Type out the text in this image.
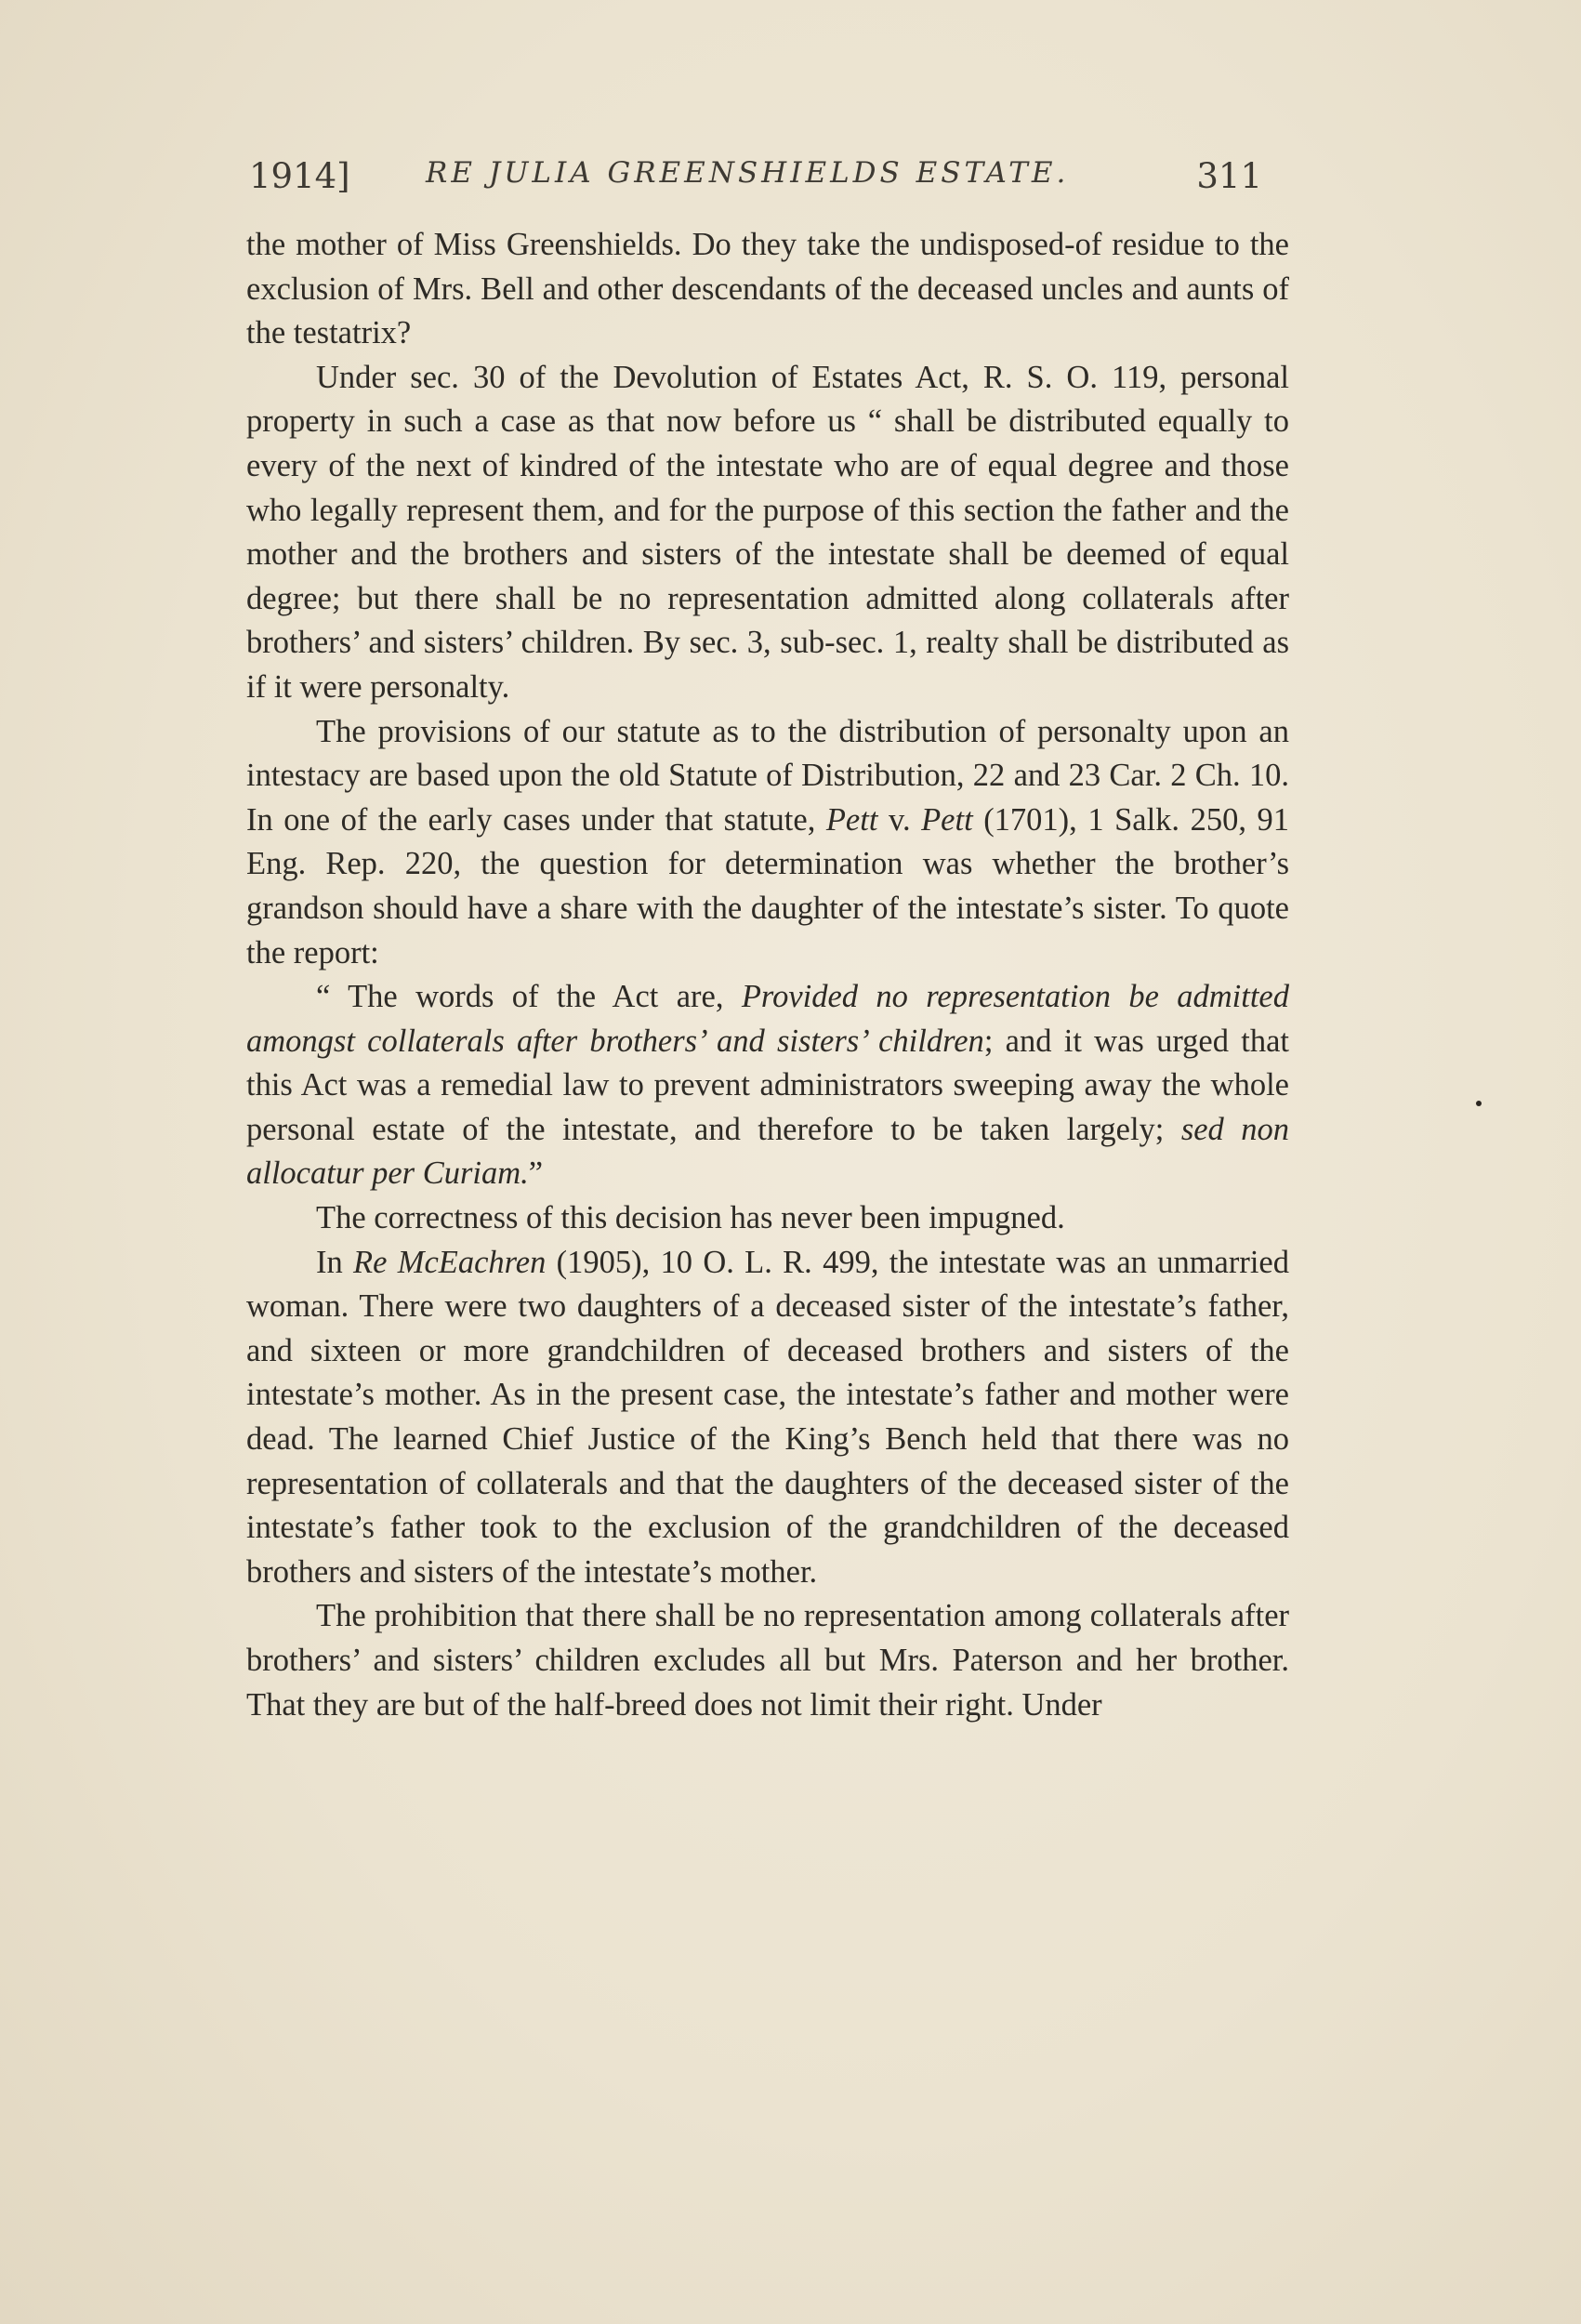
1914]	RE JULIA GREENSHIELDS ESTATE.	311

the mother of Miss Greenshields. Do they take the undisposed-of residue to the exclusion of Mrs. Bell and other descendants of the deceased uncles and aunts of the testatrix?

Under sec. 30 of the Devolution of Estates Act, R. S. O. 119, personal property in such a case as that now before us “ shall be distributed equally to every of the next of kindred of the intestate who are of equal degree and those who legally represent them, and for the purpose of this section the father and the mother and the brothers and sisters of the intestate shall be deemed of equal degree; but there shall be no representation admitted along collaterals after brothers’ and sisters’ children. By sec. 3, sub-sec. 1, realty shall be distributed as if it were personalty.

The provisions of our statute as to the distribution of personalty upon an intestacy are based upon the old Statute of Distribution, 22 and 23 Car. 2 Ch. 10. In one of the early cases under that statute, Pett v. Pett (1701), 1 Salk. 250, 91 Eng. Rep. 220, the question for determination was whether the brother’s grandson should have a share with the daughter of the intestate’s sister. To quote the report:

“ The words of the Act are, Provided no representation be admitted amongst collaterals after brothers’ and sisters’ children; and it was urged that this Act was a remedial law to prevent administrators sweeping away the whole personal estate of the intestate, and therefore to be taken largely; sed non allocatur per Curiam.”

The correctness of this decision has never been impugned.

In Re McEachren (1905), 10 O. L. R. 499, the intestate was an unmarried woman. There were two daughters of a deceased sister of the intestate’s father, and sixteen or more grandchildren of deceased brothers and sisters of the intestate’s mother. As in the present case, the intestate’s father and mother were dead. The learned Chief Justice of the King’s Bench held that there was no representation of collaterals and that the daughters of the deceased sister of the intestate’s father took to the exclusion of the grandchildren of the deceased brothers and sisters of the intestate’s mother.

The prohibition that there shall be no representation among collaterals after brothers’ and sisters’ children excludes all but Mrs. Paterson and her brother. That they are but of the half-breed does not limit their right. Under
